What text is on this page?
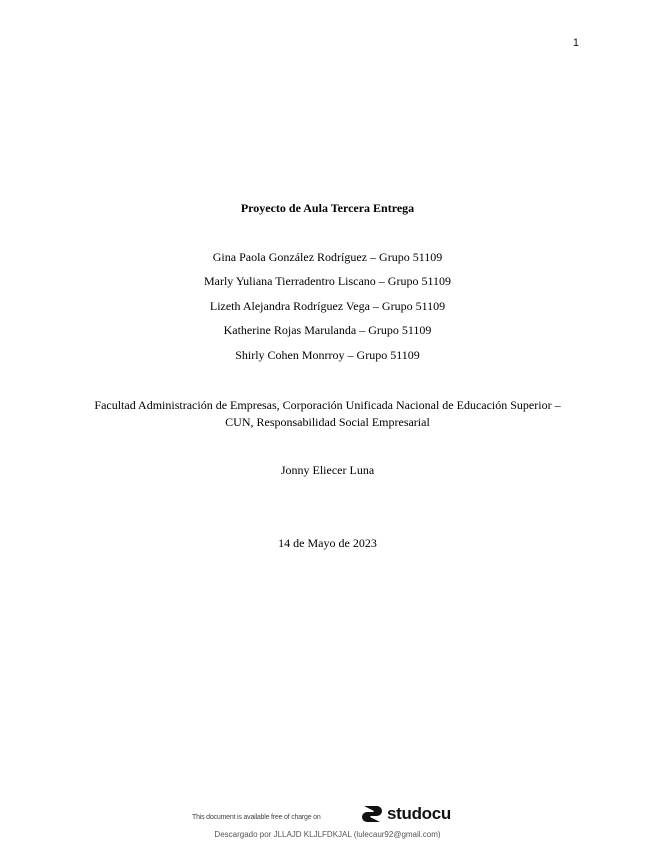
1
Proyecto de Aula Tercera Entrega
Gina Paola González Rodríguez – Grupo 51109
Marly Yuliana Tierradentro Liscano – Grupo 51109
Lizeth Alejandra Rodríguez Vega – Grupo 51109
Katherine Rojas Marulanda – Grupo 51109
Shirly Cohen Monrroy – Grupo 51109
Facultad Administración de Empresas, Corporación Unificada Nacional de Educación Superior –
CUN, Responsabilidad Social Empresarial
Jonny Eliecer Luna
14 de Mayo de 2023
This document is available free of charge on	studocu
Descargado por JLLAJD KLJLFDKJAL (lulecaur92@gmail.com)
